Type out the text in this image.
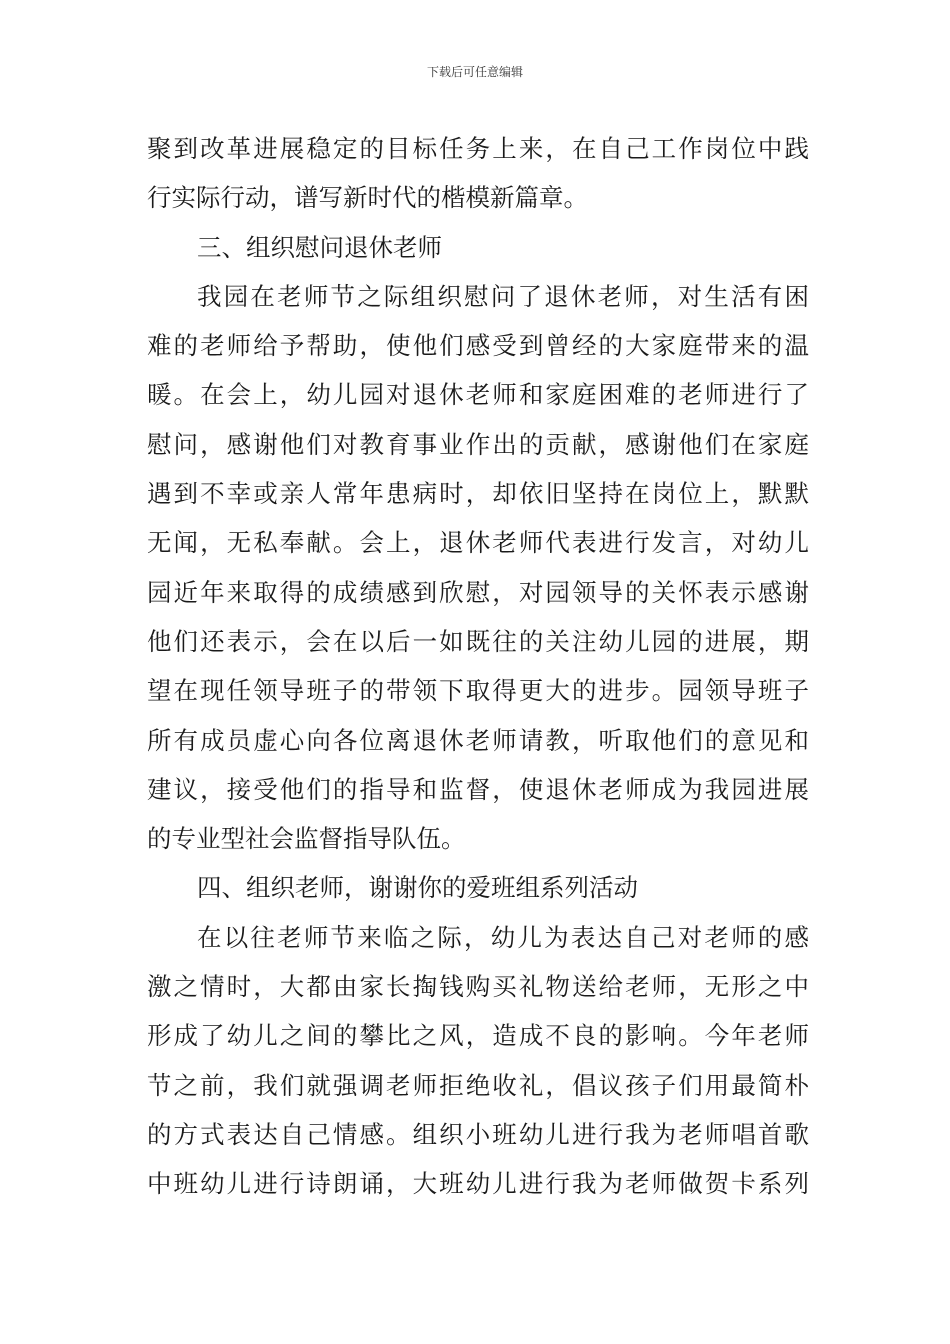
下载后可任意编辑
聚到改革进展稳定的目标任务上来，在自己工作岗位中践
行实际行动，谱写新时代的楷模新篇章。
三、组织慰问退休老师
我园在老师节之际组织慰问了退休老师，对生活有困
难的老师给予帮助，使他们感受到曾经的大家庭带来的温
暖。在会上，幼儿园对退休老师和家庭困难的老师进行了
慰问，感谢他们对教育事业作出的贡献，感谢他们在家庭
遇到不幸或亲人常年患病时，却依旧坚持在岗位上，默默
无闻，无私奉献。会上，退休老师代表进行发言，对幼儿
园近年来取得的成绩感到欣慰，对园领导的关怀表示感谢
他们还表示，会在以后一如既往的关注幼儿园的进展，期
望在现任领导班子的带领下取得更大的进步。园领导班子
所有成员虚心向各位离退休老师请教，听取他们的意见和
建议，接受他们的指导和监督，使退休老师成为我园进展
的专业型社会监督指导队伍。
四、组织老师，谢谢你的爱班组系列活动
在以往老师节来临之际，幼儿为表达自己对老师的感
激之情时，大都由家长掏钱购买礼物送给老师，无形之中
形成了幼儿之间的攀比之风，造成不良的影响。今年老师
节之前，我们就强调老师拒绝收礼，倡议孩子们用最简朴
的方式表达自己情感。组织小班幼儿进行我为老师唱首歌
中班幼儿进行诗朗诵，大班幼儿进行我为老师做贺卡系列
